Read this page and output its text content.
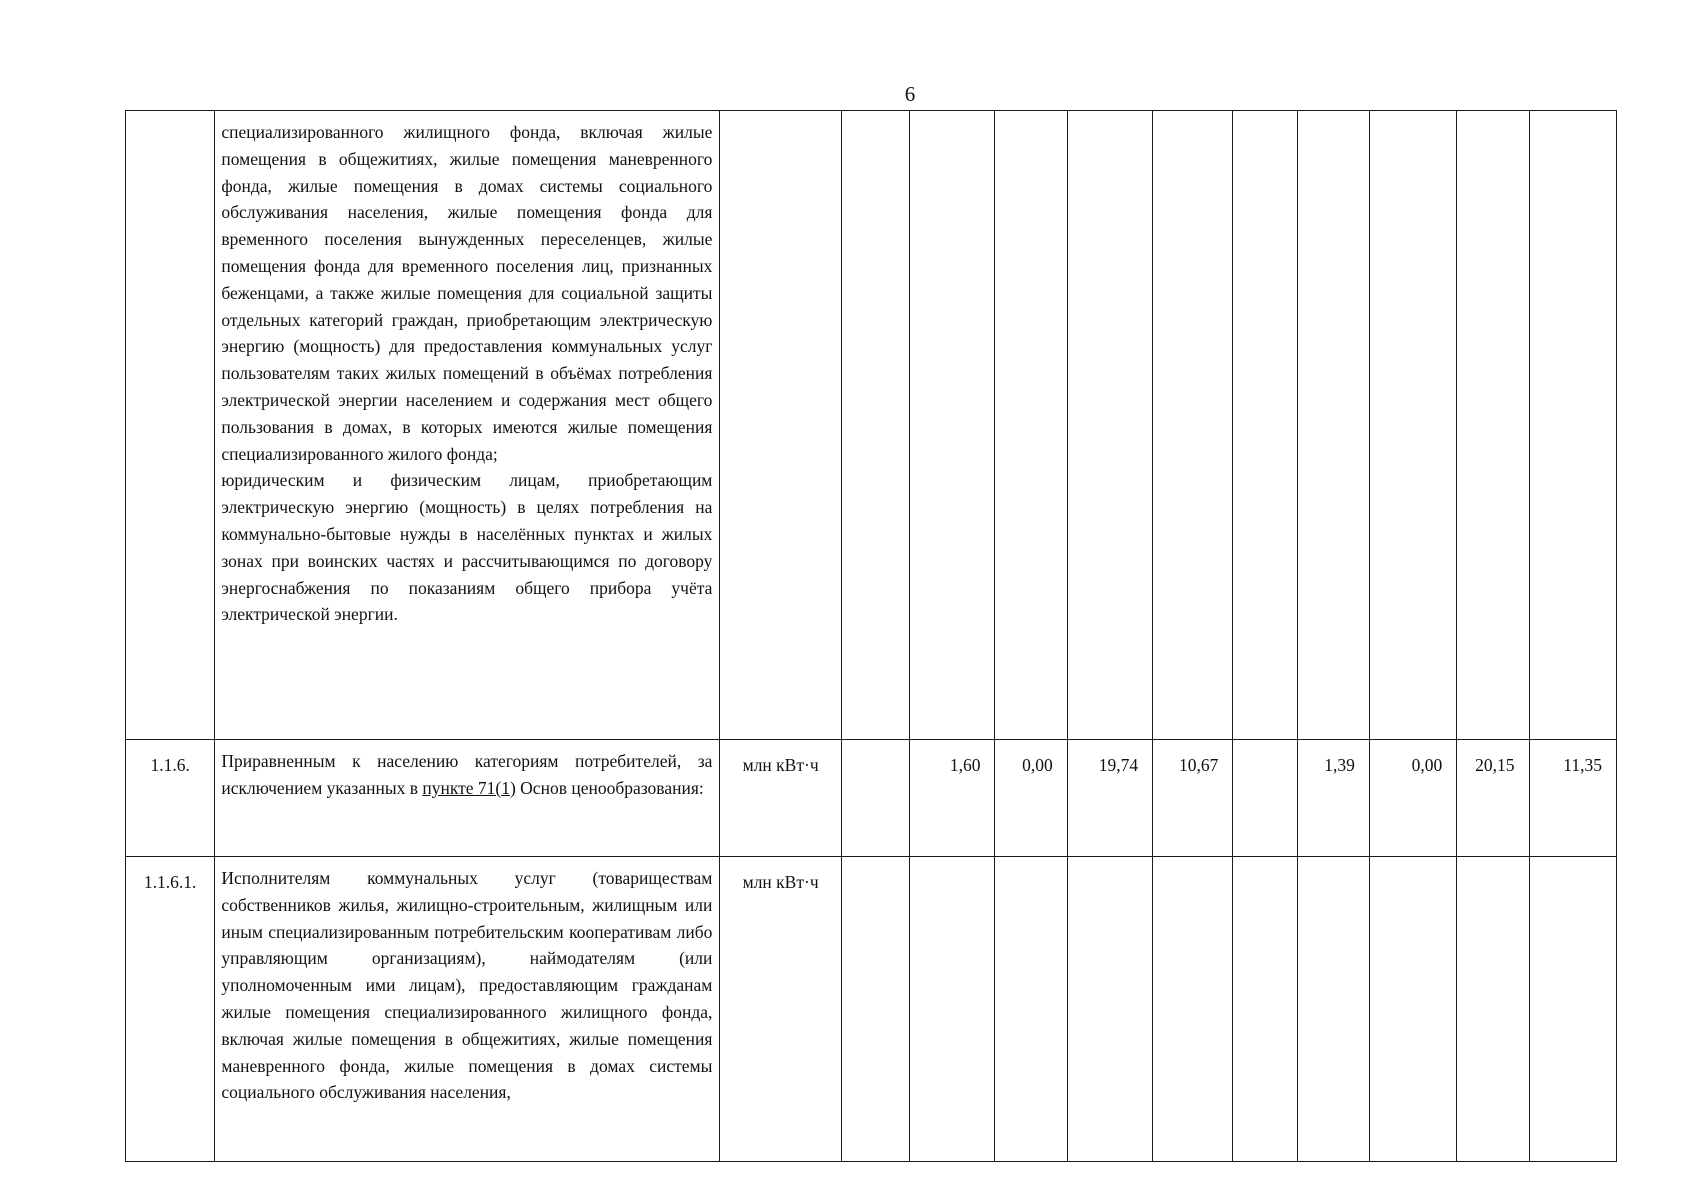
6

	специализированного жилищного фонда, включая жилые помещения в общежитиях, жилые помещения маневренного фонда, жилые помещения в домах системы социального обслуживания населения, жилые помещения фонда для временного поселения вынужденных переселенцев, жилые помещения фонда для временного поселения лиц, признанных беженцами, а также жилые помещения для социальной защиты отдельных категорий граждан, приобретающим электрическую энергию (мощность) для предоставления коммунальных услуг пользователям таких жилых помещений в объёмах потребления электрической энергии населением и содержания мест общего пользования в домах, в которых имеются жилые помещения специализированного жилого фонда;

юридическим и физическим лицам, приобретающим электрическую энергию (мощность) в целях потребления на коммунально-бытовые нужды в населённых пунктах и жилых зонах при воинских частях и рассчитывающимся по договору энергоснабжения по показаниям общего прибора учёта электрической энергии.											

1.1.6.	Приравненным к населению категориям потребителей, за исключением указанных в пункте 71(1) Основ ценообразования:	млн кВт·ч		1,60	0,00	19,74	10,67		1,39	0,00	20,15	11,35
1.1.6.1.	Исполнителям коммунальных услуг (товариществам собственников жилья, жилищно-строительным, жилищным или иным специализированным потребительским кооперативам либо управляющим организациям), наймодателям (или уполномоченным ими лицам), предоставляющим гражданам жилые помещения специализированного жилищного фонда, включая жилые помещения в общежитиях, жилые помещения маневренного фонда, жилые помещения в домах системы социального обслуживания населения,	млн кВт·ч										
